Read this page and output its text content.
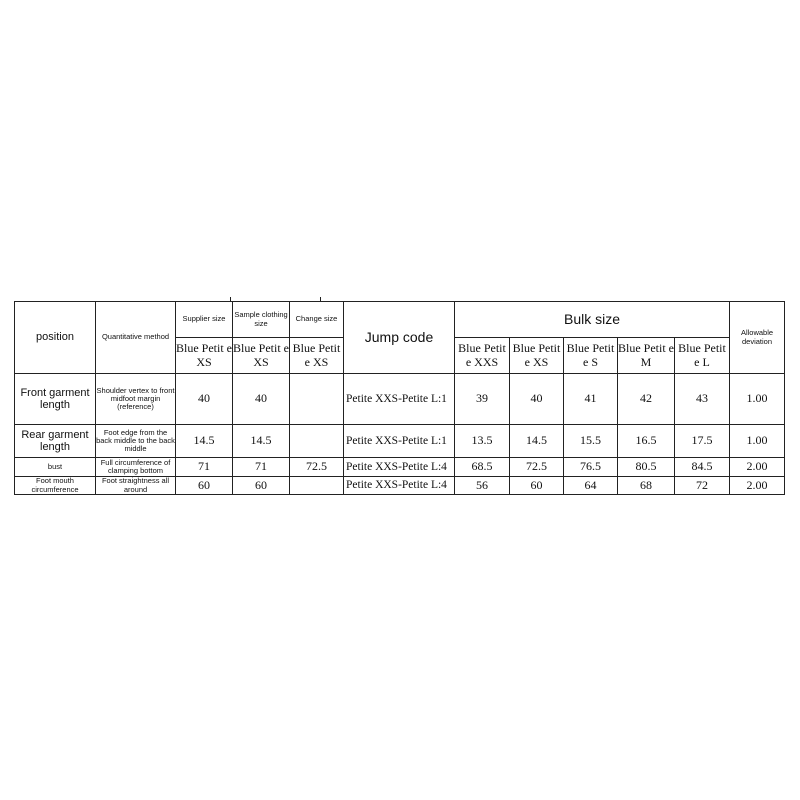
position	Quantitative method	Supplier size	Sample clothing size	Change size	Jump code	Bulk size					Allowable deviation
		Blue Petit e XS	Blue Petit e XS	Blue Petit e XS		Blue Petit e XXS	Blue Petit e XS	Blue Petit e S	Blue Petit e M	Blue Petit e L	
Front garment length	Shoulder vertex to front midfoot margin (reference)	40	40		Petite XXS-Petite L:1	39	40	41	42	43	1.00
Rear garment length	Foot edge from the back middle to the back middle	14.5	14.5		Petite XXS-Petite L:1	13.5	14.5	15.5	16.5	17.5	1.00
bust	Full circumference of clamping bottom	71	71	72.5	Petite XXS-Petite L:4	68.5	72.5	76.5	80.5	84.5	2.00
Foot mouth circumference	Foot straightness all around	60	60		Petite XXS-Petite L:4	56	60	64	68	72	2.00
